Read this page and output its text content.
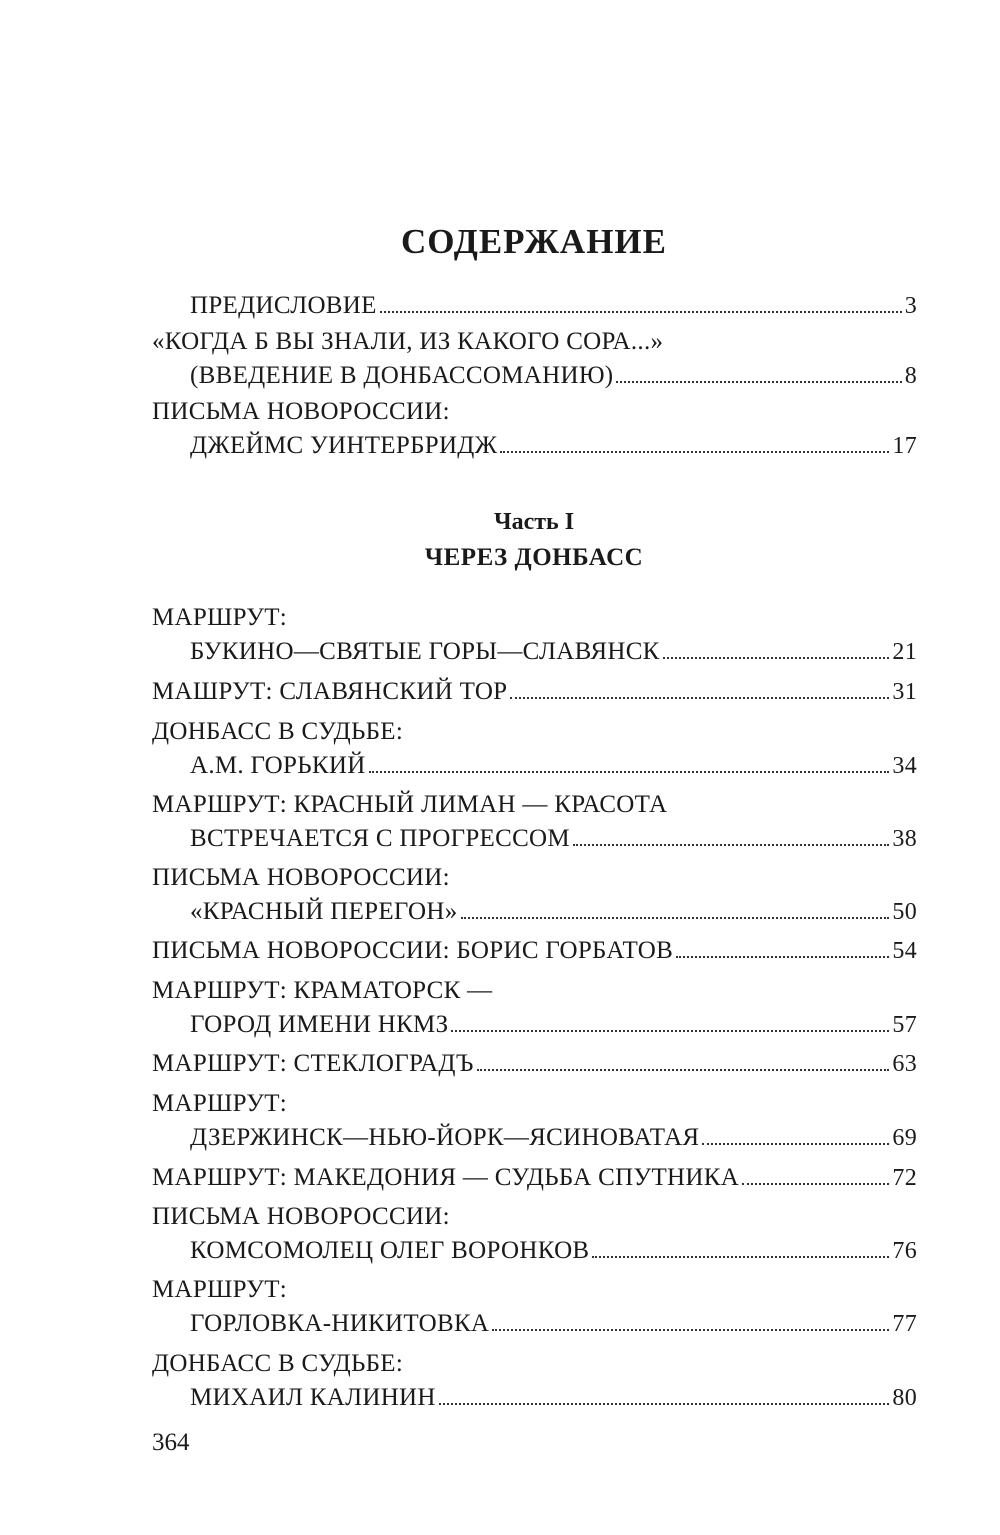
СОДЕРЖАНИЕ
ПРЕДИСЛОВИЕ	3
«КОГДА Б ВЫ ЗНАЛИ, ИЗ КАКОГО СОРА...»
(ВВЕДЕНИЕ В ДОНБАССОМАНИЮ)	8
ПИСЬМА НОВОРОССИИ:
ДЖЕЙМС УИНТЕРБРИДЖ	17
Часть I
ЧЕРЕЗ ДОНБАСС
МАРШРУТ:
БУКИНО—СВЯТЫЕ ГОРЫ—СЛАВЯНСК	21
МАШРУТ: СЛАВЯНСКИЙ ТОР	31
ДОНБАСС В СУДЬБЕ:
А.М. ГОРЬКИЙ	34
МАРШРУТ: КРАСНЫЙ ЛИМАН — КРАСОТА
ВСТРЕЧАЕТСЯ С ПРОГРЕССОМ	38
ПИСЬМА НОВОРОССИИ:
«КРАСНЫЙ ПЕРЕГОН»	50
ПИСЬМА НОВОРОССИИ: БОРИС ГОРБАТОВ	54
МАРШРУТ: КРАМАТОРСК —
ГОРОД ИМЕНИ НКМЗ	57
МАРШРУТ: СТЕКЛОГРАДЪ	63
МАРШРУТ:
ДЗЕРЖИНСК—НЬЮ-ЙОРК—ЯСИНОВАТАЯ	69
МАРШРУТ: МАКЕДОНИЯ — СУДЬБА СПУТНИКА	72
ПИСЬМА НОВОРОССИИ:
КОМСОМОЛЕЦ ОЛЕГ ВОРОНКОВ	76
МАРШРУТ:
ГОРЛОВКА-НИКИТОВКА	77
ДОНБАСС В СУДЬБЕ:
МИХАИЛ КАЛИНИН	80
364
